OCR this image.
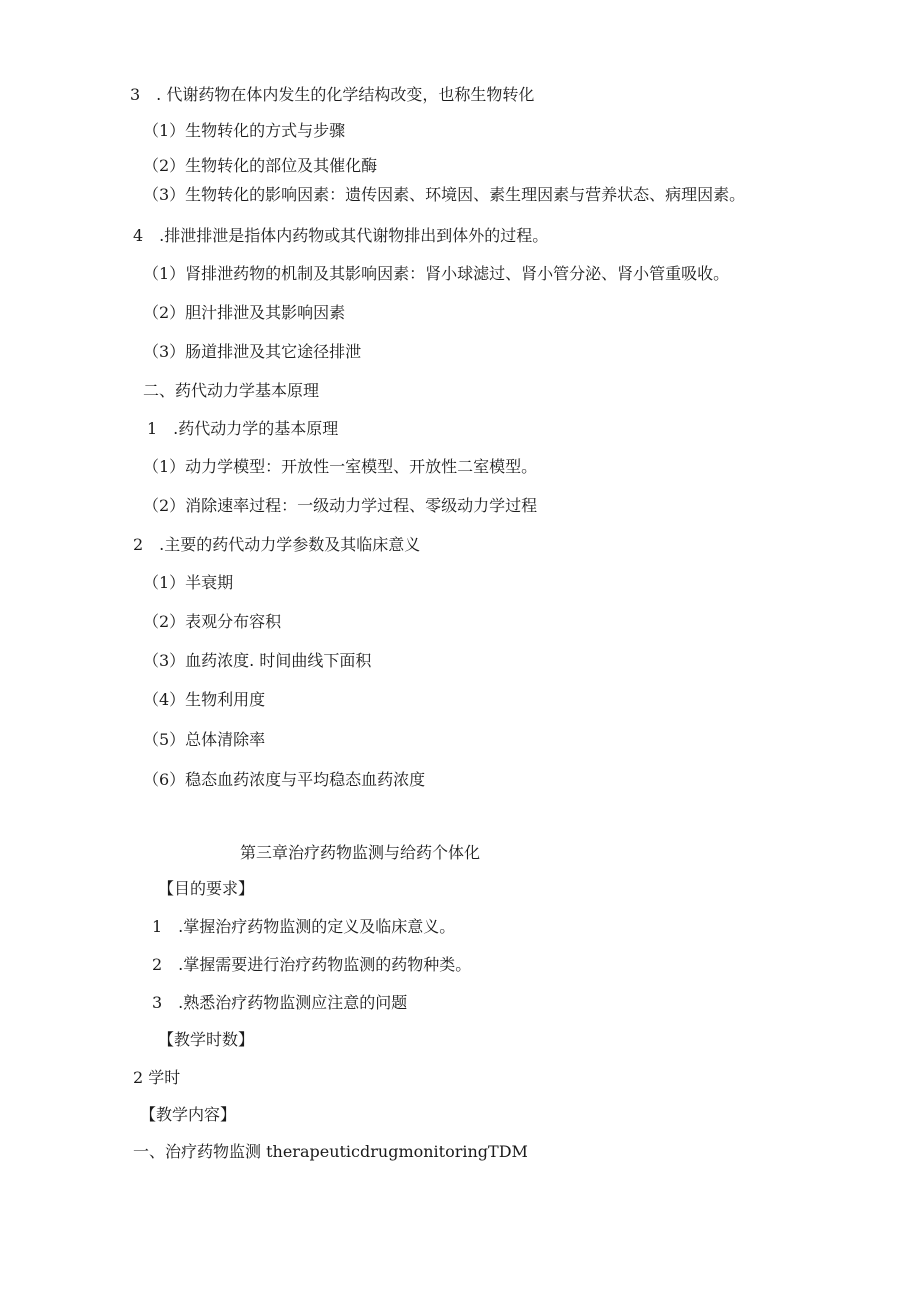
3　. 代谢药物在体内发生的化学结构改变，也称生物转化
（1）生物转化的方式与步骤
（2）生物转化的部位及其催化酶
（3）生物转化的影响因素：遗传因素、环境因、素生理因素与营养状态、病理因素。
4　.排泄排泄是指体内药物或其代谢物排出到体外的过程。
（1）肾排泄药物的机制及其影响因素：肾小球滤过、肾小管分泌、肾小管重吸收。
（2）胆汁排泄及其影响因素
（3）肠道排泄及其它途径排泄
二、药代动力学基本原理
1　.药代动力学的基本原理
（1）动力学模型：开放性一室模型、开放性二室模型。
（2）消除速率过程：一级动力学过程、零级动力学过程
2　.主要的药代动力学参数及其临床意义
（1）半衰期
（2）表观分布容积
（3）血药浓度. 时间曲线下面积
（4）生物利用度
（5）总体清除率
（6）稳态血药浓度与平均稳态血药浓度
第三章治疗药物监测与给药个体化
【目的要求】
1　.掌握治疗药物监测的定义及临床意义。
2　.掌握需要进行治疗药物监测的药物种类。
3　.熟悉治疗药物监测应注意的问题
【教学时数】
2 学时
【教学内容】
一、治疗药物监测 therapeuticdrugmonitoringTDM
